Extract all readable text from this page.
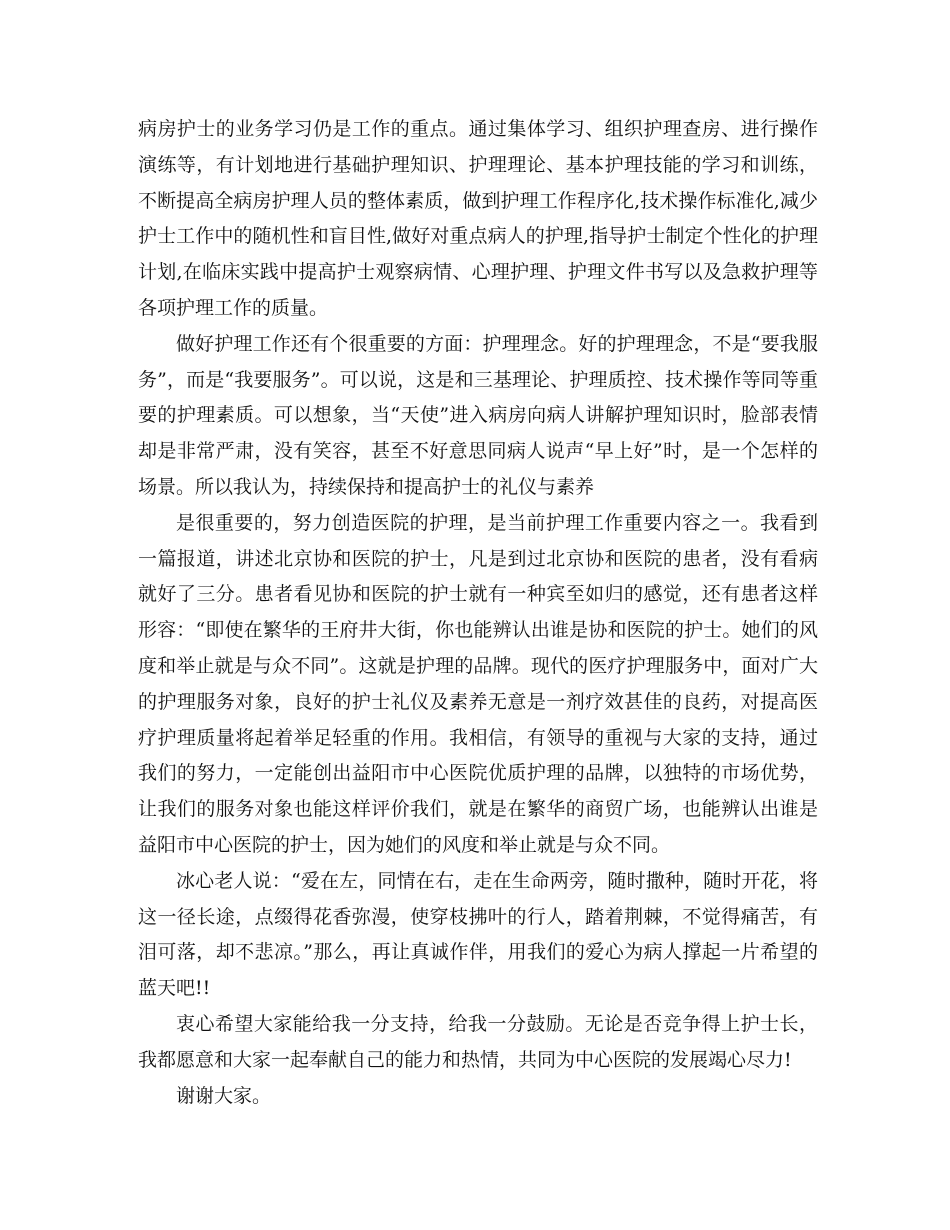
病房护士的业务学习仍是工作的重点。通过集体学习、组织护理查房、进行操作演练等，有计划地进行基础护理知识、护理理论、基本护理技能的学习和训练，不断提高全病房护理人员的整体素质，做到护理工作程序化,技术操作标准化,减少护士工作中的随机性和盲目性,做好对重点病人的护理,指导护士制定个性化的护理计划,在临床实践中提高护士观察病情、心理护理、护理文件书写以及急救护理等各项护理工作的质量。

做好护理工作还有个很重要的方面：护理理念。好的护理理念，不是“要我服务”，而是“我要服务”。可以说，这是和三基理论、护理质控、技术操作等同等重要的护理素质。可以想象，当“天使”进入病房向病人讲解护理知识时，脸部表情却是非常严肃，没有笑容，甚至不好意思同病人说声“早上好”时，是一个怎样的场景。所以我认为，持续保持和提高护士的礼仪与素养

是很重要的，努力创造医院的护理，是当前护理工作重要内容之一。我看到一篇报道，讲述北京协和医院的护士，凡是到过北京协和医院的患者，没有看病就好了三分。患者看见协和医院的护士就有一种宾至如归的感觉，还有患者这样形容：“即使在繁华的王府井大街，你也能辨认出谁是协和医院的护士。她们的风度和举止就是与众不同”。这就是护理的品牌。现代的医疗护理服务中，面对广大的护理服务对象，良好的护士礼仪及素养无意是一剂疗效甚佳的良药，对提高医疗护理质量将起着举足轻重的作用。我相信，有领导的重视与大家的支持，通过我们的努力，一定能创出益阳市中心医院优质护理的品牌，以独特的市场优势，让我们的服务对象也能这样评价我们，就是在繁华的商贸广场，也能辨认出谁是益阳市中心医院的护士，因为她们的风度和举止就是与众不同。

冰心老人说：“爱在左，同情在右，走在生命两旁，随时撒种，随时开花，将这一径长途，点缀得花香弥漫，使穿枝拂叶的行人，踏着荆棘，不觉得痛苦，有泪可落，却不悲凉。”那么，再让真诚作伴，用我们的爱心为病人撑起一片希望的蓝天吧!!

衷心希望大家能给我一分支持，给我一分鼓励。无论是否竞争得上护士长，我都愿意和大家一起奉献自己的能力和热情，共同为中心医院的发展竭心尽力!

谢谢大家。
